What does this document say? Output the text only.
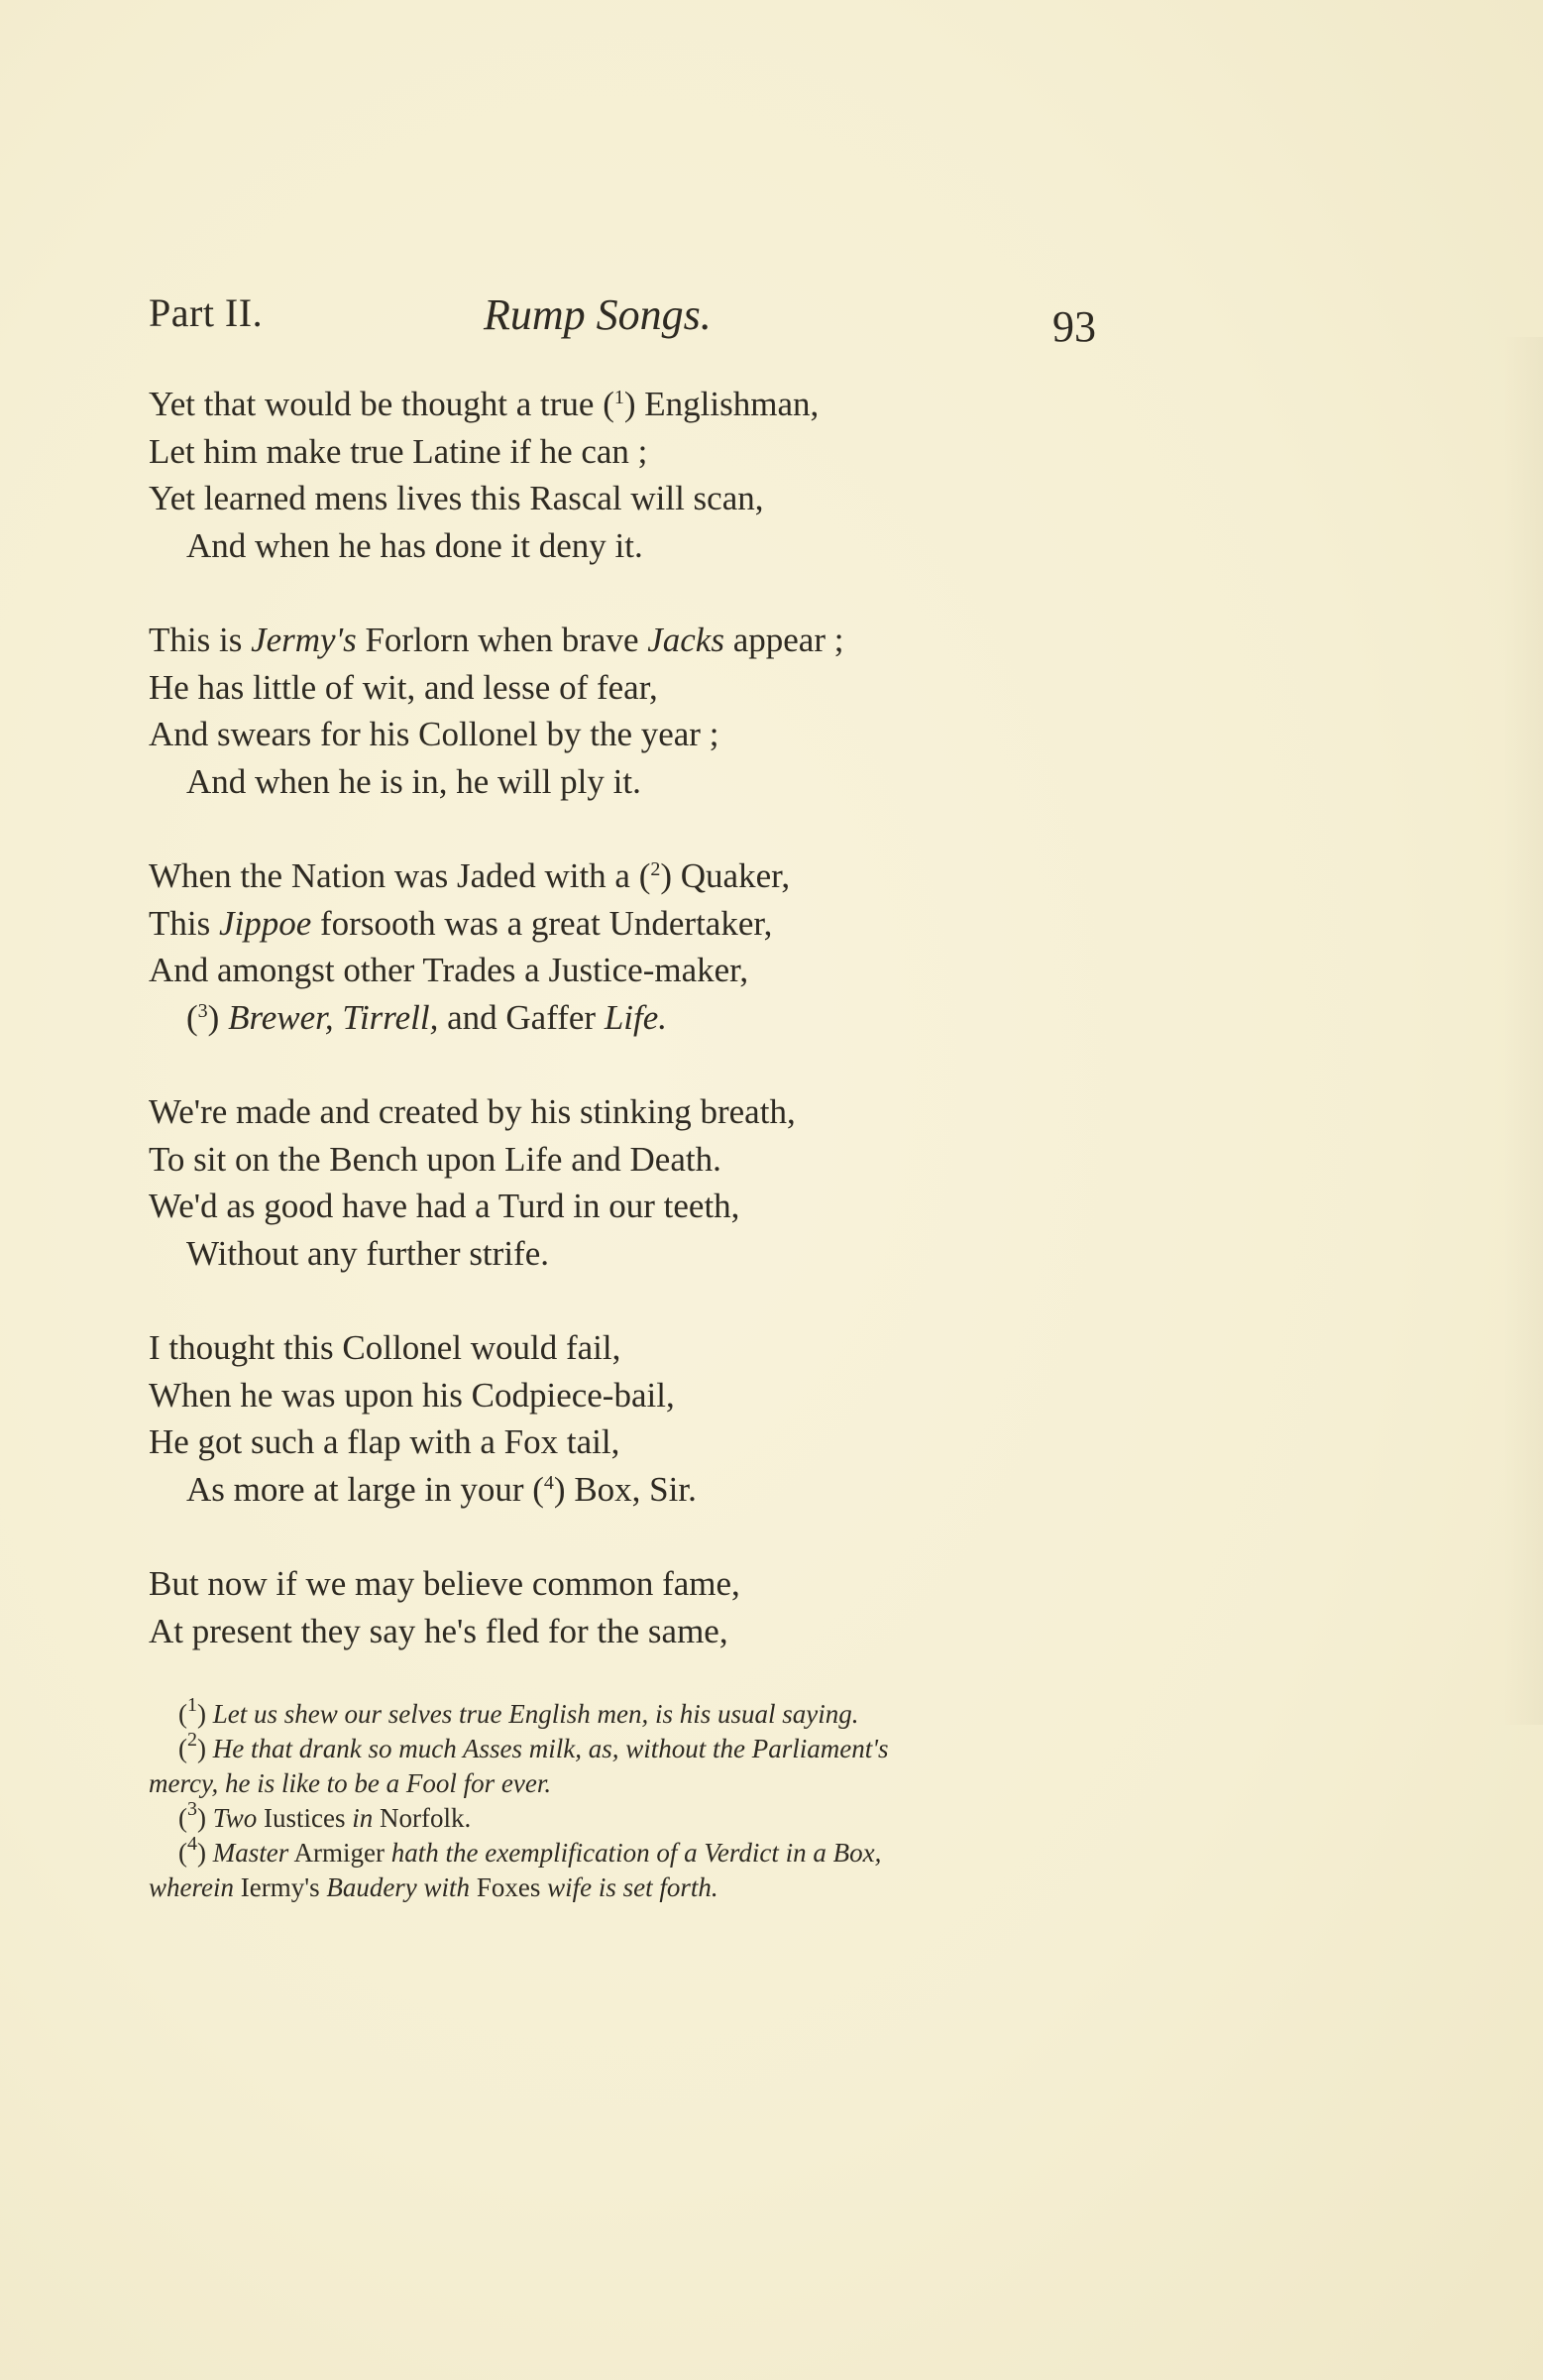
Part II.	Rump Songs.	93
Yet that would be thought a true ($^1$) Englishman,
Let him make true Latine if he can ;
Yet learned mens lives this Rascal will scan,
And when he has done it deny it.
This is Jermy's Forlorn when brave Jacks appear ;
He has little of wit, and lesse of fear,
And swears for his Collonel by the year ;
And when he is in, he will ply it.
When the Nation was Jaded with a ($^2$) Quaker,
This Jippoe forsooth was a great Undertaker,
And amongst other Trades a Justice-maker,
($^3$) Brewer, Tirrell, and Gaffer Life.
We're made and created by his stinking breath,
To sit on the Bench upon Life and Death.
We'd as good have had a Turd in our teeth,
Without any further strife.
I thought this Collonel would fail,
When he was upon his Codpiece-bail,
He got such a flap with a Fox tail,
As more at large in your ($^4$) Box, Sir.
But now if we may believe common fame,
At present they say he's fled for the same,
($^1$) Let us shew our selves true English men, is his usual saying.
($^2$) He that drank so much Asses milk, as, without the Parliament's
mercy, he is like to be a Fool for ever.
($^3$) Two Iustices in Norfolk.
($^4$) Master Armiger hath the exemplification of a Verdict in a Box,
wherein Iermy's Baudery with Foxes wife is set forth.
